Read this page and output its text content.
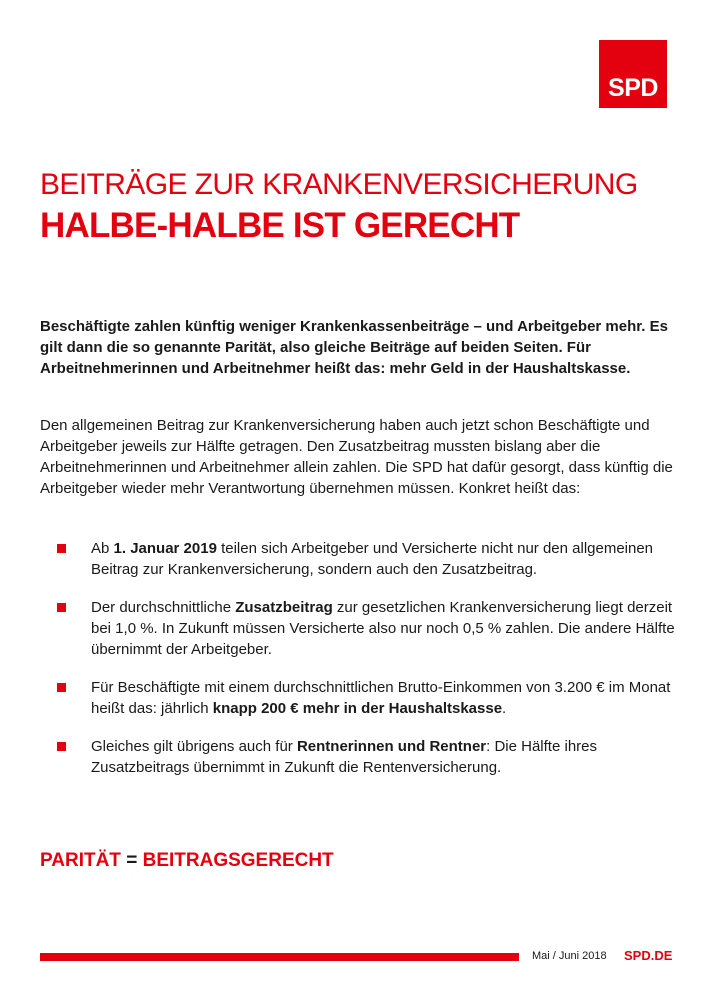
SPD
BEITRÄGE ZUR KRANKENVERSICHERUNG
HALBE-HALBE IST GERECHT

Beschäftigte zahlen künftig weniger Krankenkassenbeiträge – und Arbeitgeber mehr. Es gilt dann die so genannte Parität, also gleiche Beiträge auf beiden Seiten. Für Arbeitnehmerinnen und Arbeitnehmer heißt das: mehr Geld in der Haushaltskasse.

Den allgemeinen Beitrag zur Krankenversicherung haben auch jetzt schon Beschäftigte und Arbeitgeber jeweils zur Hälfte getragen. Den Zusatzbeitrag mussten bislang aber die Arbeitnehmerinnen und Arbeitnehmer allein zahlen. Die SPD hat dafür gesorgt, dass künftig die Arbeitgeber wieder mehr Verantwortung übernehmen müssen. Konkret heißt das:

Ab 1. Januar 2019 teilen sich Arbeitgeber und Versicherte nicht nur den allgemeinen Beitrag zur Krankenversicherung, sondern auch den Zusatzbeitrag.
Der durchschnittliche Zusatzbeitrag zur gesetzlichen Krankenversicherung liegt derzeit bei 1,0 %. In Zukunft müssen Versicherte also nur noch 0,5 % zahlen. Die andere Hälfte übernimmt der Arbeitgeber.
Für Beschäftigte mit einem durchschnittlichen Brutto-Einkommen von 3.200 € im Monat heißt das: jährlich knapp 200 € mehr in der Haushaltskasse.
Gleiches gilt übrigens auch für Rentnerinnen und Rentner: Die Hälfte ihres Zusatzbeitrags übernimmt in Zukunft die Rentenversicherung.
PARITÄT = BEITRAGSGERECHT
Mai / Juni 2018 SPD.DE
